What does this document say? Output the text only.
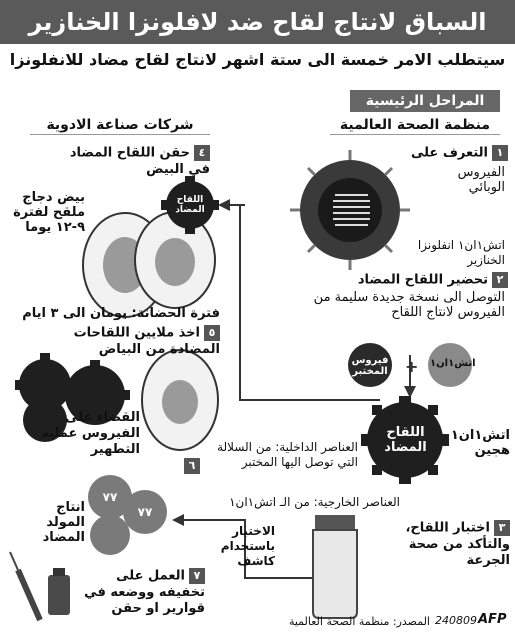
+
السباق لانتاج لقاح ضد لافلونزا الخنازير
سيتطلب الامر خمسة الى ستة اشهر لانتاج لقاح مضاد للانفلونزا
المراحل الرئيسية
شركات صناعة الادوية	منظمة الصحة العالمية
١التعرف على
الفيروس الوبائي
اتش١ان١ انفلونزا الخنازير
٢تحضير اللقاح المضاد
التوصل الى نسخة جديدة سليمة من الفيروس لانتاج اللقاح
فيروس المختبر
اتش١ان١
اللقاح المضاد
اتش١ان١ هجين
العناصر الداخلية: من السلالة التي توصل اليها المختبر
العناصر الخارجية: من الـ اتش١ان١
٣اختبار اللقاح، والتأكد من صحة الجرعة
الاختبار باستخدام كاشف
٤حقن اللقاح المضاد في البيض
اللقاح المضاد
بيض دجاج ملقح لفترة ٩-١٢ يوما
فترة الحضانة: يومان الى ٣ ايام
٥اخذ ملايين اللقاحات المضادة من البياض
القضاء على الفيروس عملية التطهير
٦
٧٧
٧٧
انتاج المولد المضاد
٧العمل على تخفيفه ووضعه في قوارير او حقن
المصدر: منظمة الصحة العالمية 240809 AFP
